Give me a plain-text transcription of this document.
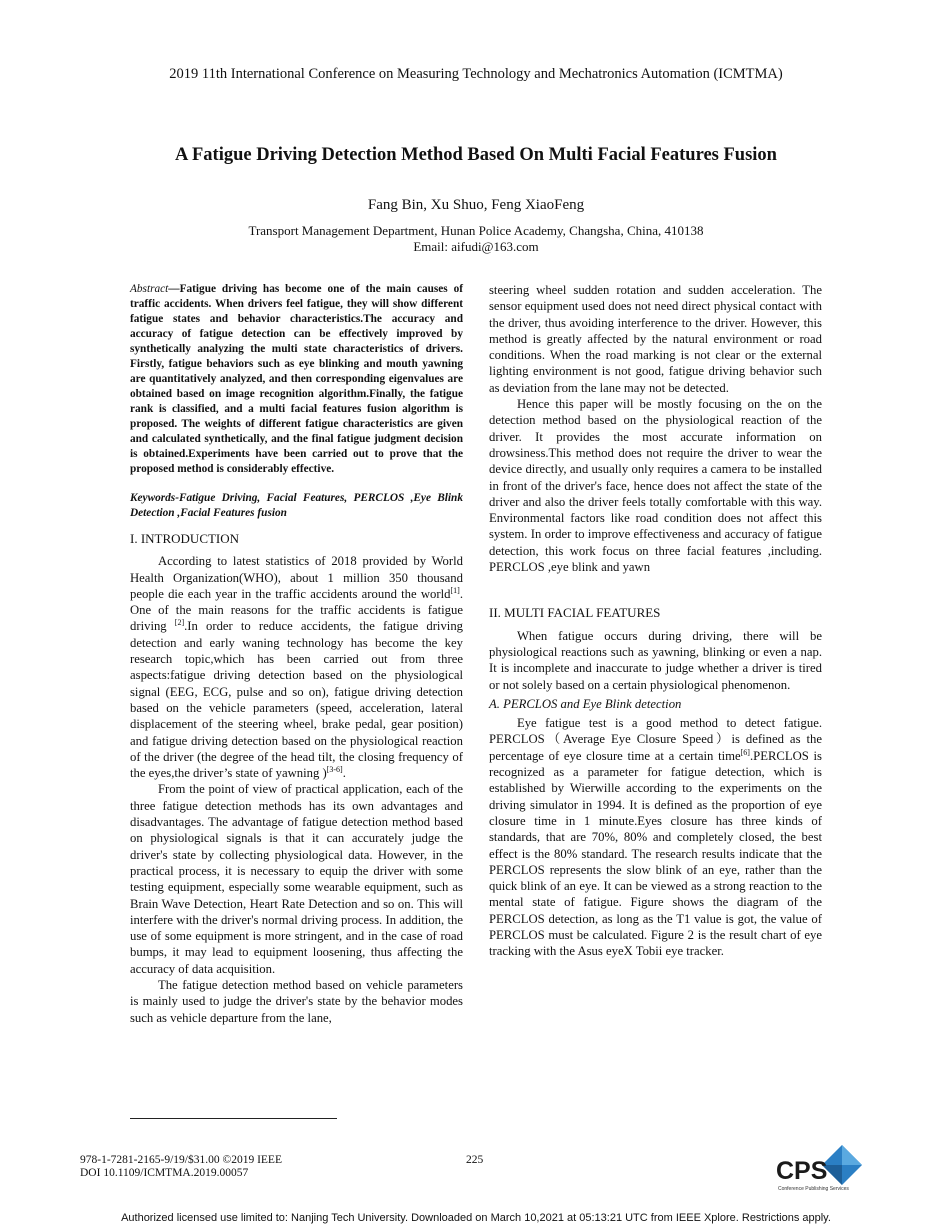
2019 11th International Conference on Measuring Technology and Mechatronics Automation (ICMTMA)
A Fatigue Driving Detection Method Based On Multi Facial Features Fusion
Fang Bin, Xu Shuo, Feng XiaoFeng
Transport Management Department, Hunan Police Academy, Changsha, China, 410138
Email: aifudi@163.com

Abstract—Fatigue driving has become one of the main causes of traffic accidents. When drivers feel fatigue, they will show different fatigue states and behavior characteristics.The accuracy and accuracy of fatigue detection can be effectively improved by synthetically analyzing the multi state characteristics of drivers. Firstly, fatigue behaviors such as eye blinking and mouth yawning are quantitatively analyzed, and then corresponding eigenvalues are obtained based on image recognition algorithm.Finally, the fatigue rank is classified, and a multi facial features fusion algorithm is proposed. The weights of different fatigue characteristics are given and calculated synthetically, and the final fatigue judgment decision is obtained.Experiments have been carried out to prove that the proposed method is considerably effective.

Keywords-Fatigue Driving, Facial Features, PERCLOS ,Eye Blink Detection ,Facial Features fusion

I. INTRODUCTION

According to latest statistics of 2018 provided by World Health Organization(WHO), about 1 million 350 thousand people die each year in the traffic accidents around the world[1]. One of the main reasons for the traffic accidents is fatigue driving [2].In order to reduce accidents, the fatigue driving detection and early waning technology has become the key research topic,which has been carried out from three aspects:fatigue driving detection based on the physiological signal (EEG, ECG, pulse and so on), fatigue driving detection based on the vehicle parameters (speed, acceleration, lateral displacement of the steering wheel, brake pedal, gear position) and fatigue driving detection based on the physiological reaction of the driver (the degree of the head tilt, the closing frequency of the eyes,the driver’s state of yawning )[3-6].

From the point of view of practical application, each of the three fatigue detection methods has its own advantages and disadvantages. The advantage of fatigue detection method based on physiological signals is that it can accurately judge the driver's state by collecting physiological data. However, in the practical process, it is necessary to equip the driver with some testing equipment, especially some wearable equipment, such as Brain Wave Detection, Heart Rate Detection and so on. This will interfere with the driver's normal driving process. In addition, the use of some equipment is more stringent, and in the case of road bumps, it may lead to equipment loosening, thus affecting the accuracy of data acquisition.

The fatigue detection method based on vehicle parameters is mainly used to judge the driver's state by the behavior modes such as vehicle departure from the lane,

steering wheel sudden rotation and sudden acceleration. The sensor equipment used does not need direct physical contact with the driver, thus avoiding interference to the driver. However, this method is greatly affected by the natural environment or road conditions. When the road marking is not clear or the external lighting environment is not good, fatigue driving behavior such as deviation from the lane may not be detected.

Hence this paper will be mostly focusing on the on the detection method based on the physiological reaction of the driver. It provides the most accurate information on drowsiness.This method does not require the driver to wear the device directly, and usually only requires a camera to be installed in front of the driver's face, hence does not affect the state of the driver and also the driver feels totally comfortable with this way. Environmental factors like road condition does not affect this system. In order to improve effectiveness and accuracy of fatigue detection, this work focus on three facial features ,including. PERCLOS ,eye blink and yawn

II. MULTI FACIAL FEATURES

When fatigue occurs during driving, there will be physiological reactions such as yawning, blinking or even a nap. It is incomplete and inaccurate to judge whether a driver is tired or not solely based on a certain physiological phenomenon.

A. PERCLOS and Eye Blink detection

Eye fatigue test is a good method to detect fatigue. PERCLOS（Average Eye Closure Speed）is defined as the percentage of eye closure time at a certain time[6].PERCLOS is recognized as a parameter for fatigue detection, which is established by Wierwille according to the experiments on the driving simulator in 1994. It is defined as the proportion of eye closure time in 1 minute.Eyes closure has three kinds of standards, that are 70%, 80% and completely closed, the best effect is the 80% standard. The research results indicate that the PERCLOS represents the slow blink of an eye, rather than the quick blink of an eye. It can be viewed as a strong reaction to the mental state of fatigue. Figure shows the diagram of the PERCLOS detection, as long as the T1 value is got, the value of PERCLOS must be calculated. Figure 2 is the result chart of eye tracking with the Asus eyeX Tobii eye tracker.

978-1-7281-2165-9/19/$31.00 ©2019 IEEE
DOI 10.1109/ICMTMA.2019.00057
225	CPS
Conference Publishing Services
Authorized licensed use limited to: Nanjing Tech University. Downloaded on March 10,2021 at 05:13:21 UTC from IEEE Xplore. Restrictions apply.
